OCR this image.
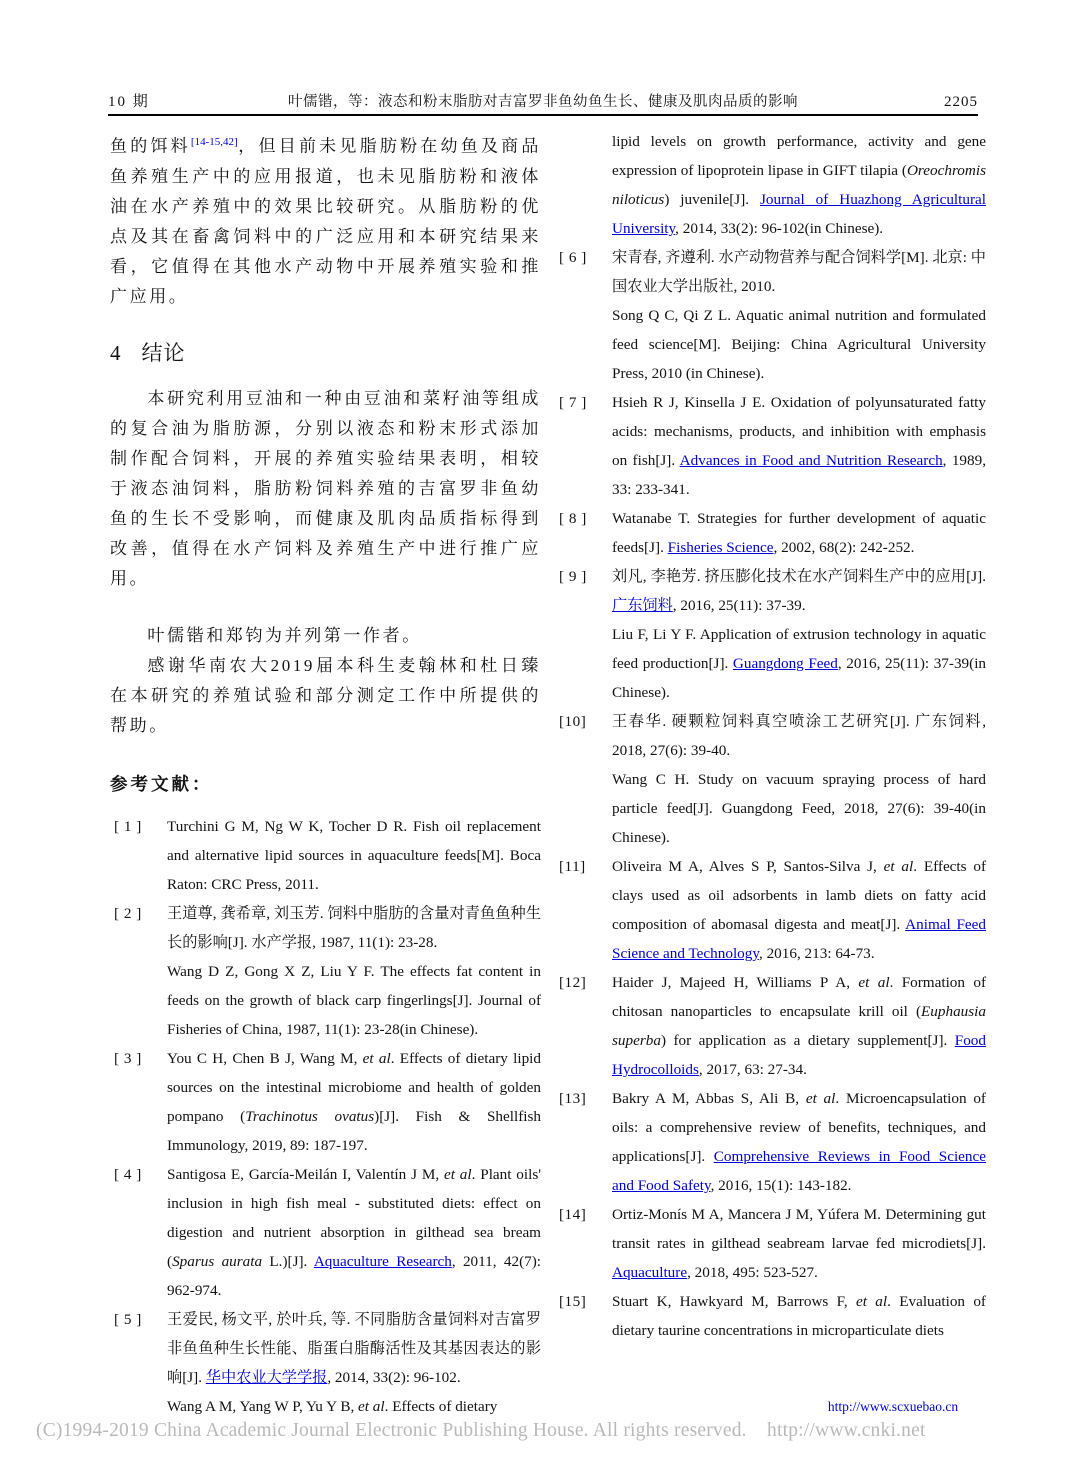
10 期	叶儒锴，等：液态和粉末脂肪对吉富罗非鱼幼鱼生长、健康及肌肉品质的影响	2205

鱼的饵料[14-15,42]，但目前未见脂肪粉在幼鱼及商品鱼养殖生产中的应用报道，也未见脂肪粉和液体油在水产养殖中的效果比较研究。从脂肪粉的优点及其在畜禽饲料中的广泛应用和本研究结果来看，它值得在其他水产动物中开展养殖实验和推广应用。

4 结论

本研究利用豆油和一种由豆油和菜籽油等组成的复合油为脂肪源，分别以液态和粉末形式添加制作配合饲料，开展的养殖实验结果表明，相较于液态油饲料，脂肪粉饲料养殖的吉富罗非鱼幼鱼的生长不受影响，而健康及肌肉品质指标得到改善，值得在水产饲料及养殖生产中进行推广应用。

叶儒锴和郑钧为并列第一作者。

感谢华南农大2019届本科生麦翰林和杜日臻在本研究的养殖试验和部分测定工作中所提供的帮助。

参考文献：
[ 1 ] Turchini G M, Ng W K, Tocher D R. Fish oil replacement and alternative lipid sources in aquaculture feeds[M]. Boca Raton: CRC Press, 2011.
[ 2 ] 王道尊, 龚希章, 刘玉芳. 饲料中脂肪的含量对青鱼鱼种生长的影响[J]. 水产学报, 1987, 11(1): 23-28.
Wang D Z, Gong X Z, Liu Y F. The effects fat content in feeds on the growth of black carp fingerlings[J]. Journal of Fisheries of China, 1987, 11(1): 23-28(in Chinese).
[ 3 ] You C H, Chen B J, Wang M, et al. Effects of dietary lipid sources on the intestinal microbiome and health of golden pompano (Trachinotus ovatus)[J]. Fish & Shellfish Immunology, 2019, 89: 187-197.
[ 4 ] Santigosa E, García-Meilán I, Valentín J M, et al. Plant oils' inclusion in high fish meal - substituted diets: effect on digestion and nutrient absorption in gilthead sea bream (Sparus aurata L.)[J]. Aquaculture Research, 2011, 42(7): 962-974.
[ 5 ] 王爱民, 杨文平, 於叶兵, 等. 不同脂肪含量饲料对吉富罗非鱼鱼种生长性能、脂蛋白脂酶活性及其基因表达的影响[J]. 华中农业大学学报, 2014, 33(2): 96-102.
Wang A M, Yang W P, Yu Y B, et al. Effects of dietary
lipid levels on growth performance, activity and gene expression of lipoprotein lipase in GIFT tilapia (Oreochromis niloticus) juvenile[J]. Journal of Huazhong Agricultural University, 2014, 33(2): 96-102(in Chinese).
[ 6 ] 宋青春, 齐遵利. 水产动物营养与配合饲料学[M]. 北京: 中国农业大学出版社, 2010.
Song Q C, Qi Z L. Aquatic animal nutrition and formulated feed science[M]. Beijing: China Agricultural University Press, 2010 (in Chinese).
[ 7 ] Hsieh R J, Kinsella J E. Oxidation of polyunsaturated fatty acids: mechanisms, products, and inhibition with emphasis on fish[J]. Advances in Food and Nutrition Research, 1989, 33: 233-341.
[ 8 ] Watanabe T. Strategies for further development of aquatic feeds[J]. Fisheries Science, 2002, 68(2): 242-252.
[ 9 ] 刘凡, 李艳芳. 挤压膨化技术在水产饲料生产中的应用[J]. 广东饲料, 2016, 25(11): 37-39.
Liu F, Li Y F. Application of extrusion technology in aquatic feed production[J]. Guangdong Feed, 2016, 25(11): 37-39(in Chinese).
[10] 王春华. 硬颗粒饲料真空喷涂工艺研究[J]. 广东饲料, 2018, 27(6): 39-40.
Wang C H. Study on vacuum spraying process of hard particle feed[J]. Guangdong Feed, 2018, 27(6): 39-40(in Chinese).
[11] Oliveira M A, Alves S P, Santos-Silva J, et al. Effects of clays used as oil adsorbents in lamb diets on fatty acid composition of abomasal digesta and meat[J]. Animal Feed Science and Technology, 2016, 213: 64-73.
[12] Haider J, Majeed H, Williams P A, et al. Formation of chitosan nanoparticles to encapsulate krill oil (Euphausia superba) for application as a dietary supplement[J]. Food Hydrocolloids, 2017, 63: 27-34.
[13] Bakry A M, Abbas S, Ali B, et al. Microencapsulation of oils: a comprehensive review of benefits, techniques, and applications[J]. Comprehensive Reviews in Food Science and Food Safety, 2016, 15(1): 143-182.
[14] Ortiz-Monís M A, Mancera J M, Yúfera M. Determining gut transit rates in gilthead seabream larvae fed microdiets[J]. Aquaculture, 2018, 495: 523-527.
[15] Stuart K, Hawkyard M, Barrows F, et al. Evaluation of dietary taurine concentrations in microparticulate diets
http://www.scxuebao.cn
(C)1994-2019 China Academic Journal Electronic Publishing House. All rights reserved.    http://www.cnki.net
